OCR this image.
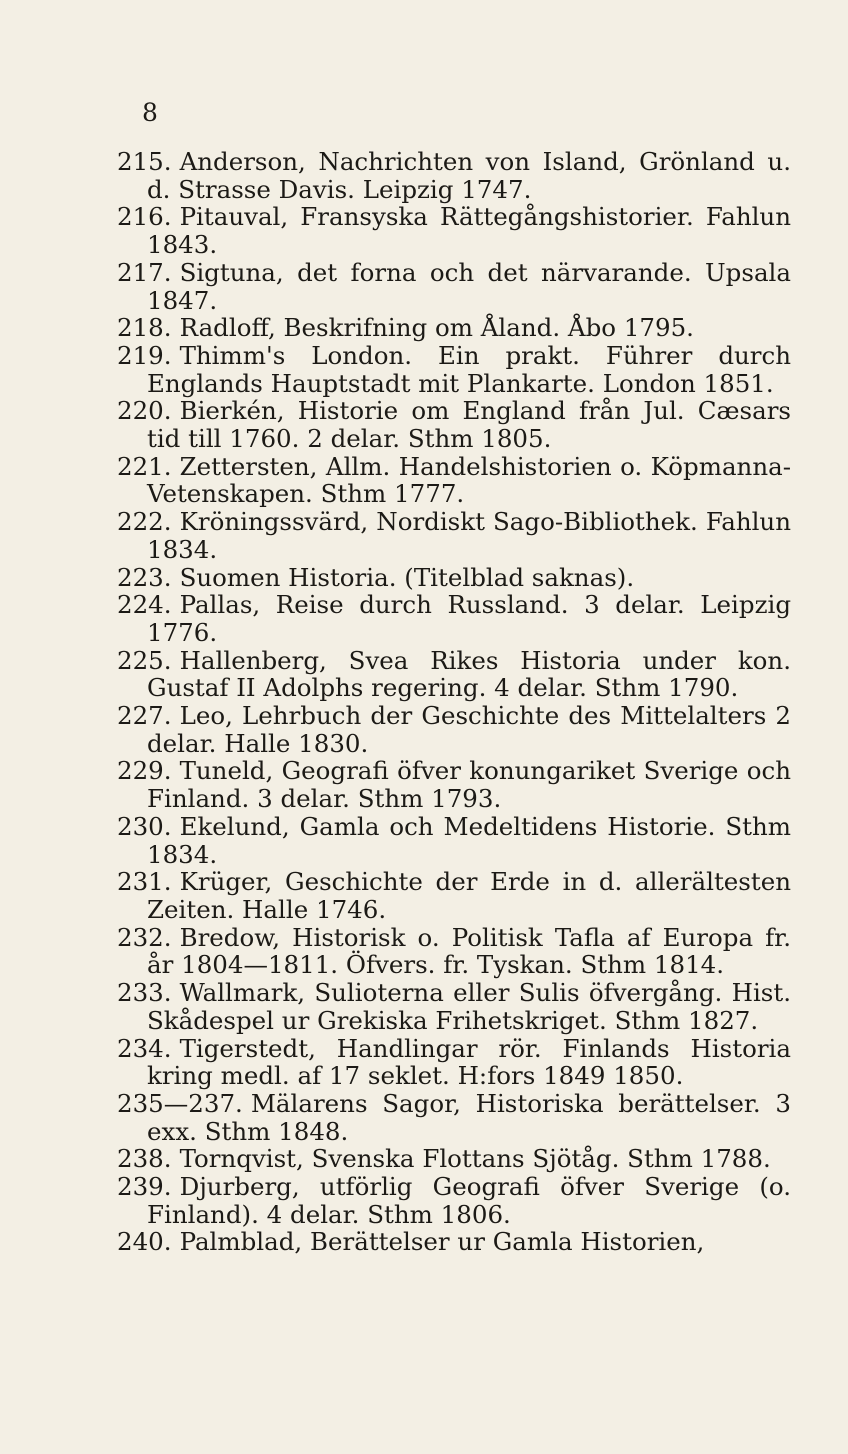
8
215. Anderson, Nachrichten von Island, Grönland u. d. Strasse Davis. Leipzig 1747.
216. Pitauval, Fransyska Rättegångshistorier. Fahlun 1843.
217. Sigtuna, det forna och det närvarande. Upsala 1847.
218. Radloff, Beskrifning om Åland. Åbo 1795.
219. Thimm's London. Ein prakt. Führer durch Englands Hauptstadt mit Plankarte. London 1851.
220. Bierkén, Historie om England från Jul. Cæsars tid till 1760. 2 delar. Sthm 1805.
221. Zettersten, Allm. Handelshistorien o. Köpmanna-Vetenskapen. Sthm 1777.
222. Kröningssvärd, Nordiskt Sago-Bibliothek. Fahlun 1834.
223. Suomen Historia. (Titelblad saknas).
224. Pallas, Reise durch Russland. 3 delar. Leipzig 1776.
225. Hallenberg, Svea Rikes Historia under kon. Gustaf II Adolphs regering. 4 delar. Sthm 1790.
227. Leo, Lehrbuch der Geschichte des Mittelalters 2 delar. Halle 1830.
229. Tuneld, Geografi öfver konungariket Sverige och Finland. 3 delar. Sthm 1793.
230. Ekelund, Gamla och Medeltidens Historie. Sthm 1834.
231. Krüger, Geschichte der Erde in d. allerältesten Zeiten. Halle 1746.
232. Bredow, Historisk o. Politisk Tafla af Europa fr. år 1804—1811. Öfvers. fr. Tyskan. Sthm 1814.
233. Wallmark, Sulioterna eller Sulis öfvergång. Hist. Skådespel ur Grekiska Frihetskriget. Sthm 1827.
234. Tigerstedt, Handlingar rör. Finlands Historia kring medl. af 17 seklet. H:fors 1849 1850.
235—237. Mälarens Sagor, Historiska berättelser. 3 exx. Sthm 1848.
238. Tornqvist, Svenska Flottans Sjötåg. Sthm 1788.
239. Djurberg, utförlig Geografi öfver Sverige (o. Finland). 4 delar. Sthm 1806.
240. Palmblad, Berättelser ur Gamla Historien,
